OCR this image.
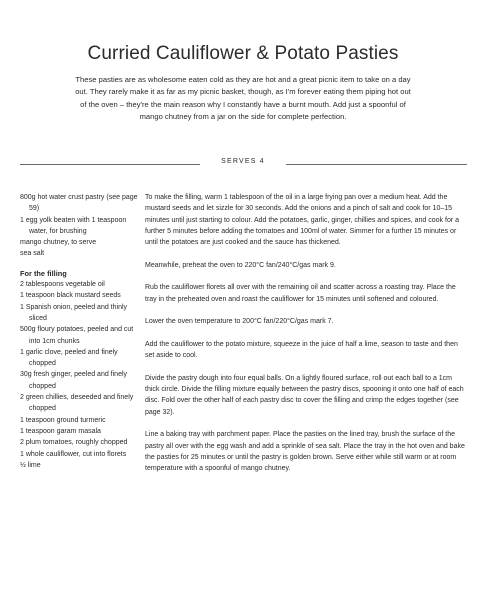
Curried Cauliflower & Potato Pasties

These pasties are as wholesome eaten cold as they are hot and a great picnic item to take on a day out. They rarely make it as far as my picnic basket, though, as I'm forever eating them piping hot out of the oven – they're the main reason why I constantly have a burnt mouth. Add just a spoonful of mango chutney from a jar on the side for complete perfection.

SERVES 4
800g hot water crust pastry (see page 59)
1 egg yolk beaten with 1 teaspoon water, for brushing
mango chutney, to serve
sea salt
For the filling
2 tablespoons vegetable oil
1 teaspoon black mustard seeds
1 Spanish onion, peeled and thinly sliced
500g floury potatoes, peeled and cut into 1cm chunks
1 garlic clove, peeled and finely chopped
30g fresh ginger, peeled and finely chopped
2 green chillies, deseeded and finely chopped
1 teaspoon ground turmeric
1 teaspoon garam masala
2 plum tomatoes, roughly chopped
1 whole cauliflower, cut into florets
½ lime

To make the filling, warm 1 tablespoon of the oil in a large frying pan over a medium heat. Add the mustard seeds and let sizzle for 30 seconds. Add the onions and a pinch of salt and cook for 10–15 minutes until just starting to colour. Add the potatoes, garlic, ginger, chillies and spices, and cook for a further 5 minutes before adding the tomatoes and 100ml of water. Simmer for a further 15 minutes or until the potatoes are just cooked and the sauce has thickened.

Meanwhile, preheat the oven to 220°C fan/240°C/gas mark 9.

Rub the cauliflower florets all over with the remaining oil and scatter across a roasting tray. Place the tray in the preheated oven and roast the cauliflower for 15 minutes until softened and coloured.

Lower the oven temperature to 200°C fan/220°C/gas mark 7.

Add the cauliflower to the potato mixture, squeeze in the juice of half a lime, season to taste and then set aside to cool.

Divide the pastry dough into four equal balls. On a lightly floured surface, roll out each ball to a 1cm thick circle. Divide the filling mixture equally between the pastry discs, spooning it onto one half of each disc. Fold over the other half of each pastry disc to cover the filling and crimp the edges together (see page 32).

Line a baking tray with parchment paper. Place the pasties on the lined tray, brush the surface of the pastry all over with the egg wash and add a sprinkle of sea salt. Place the tray in the hot oven and bake the pasties for 25 minutes or until the pastry is golden brown. Serve either while still warm or at room temperature with a spoonful of mango chutney.
